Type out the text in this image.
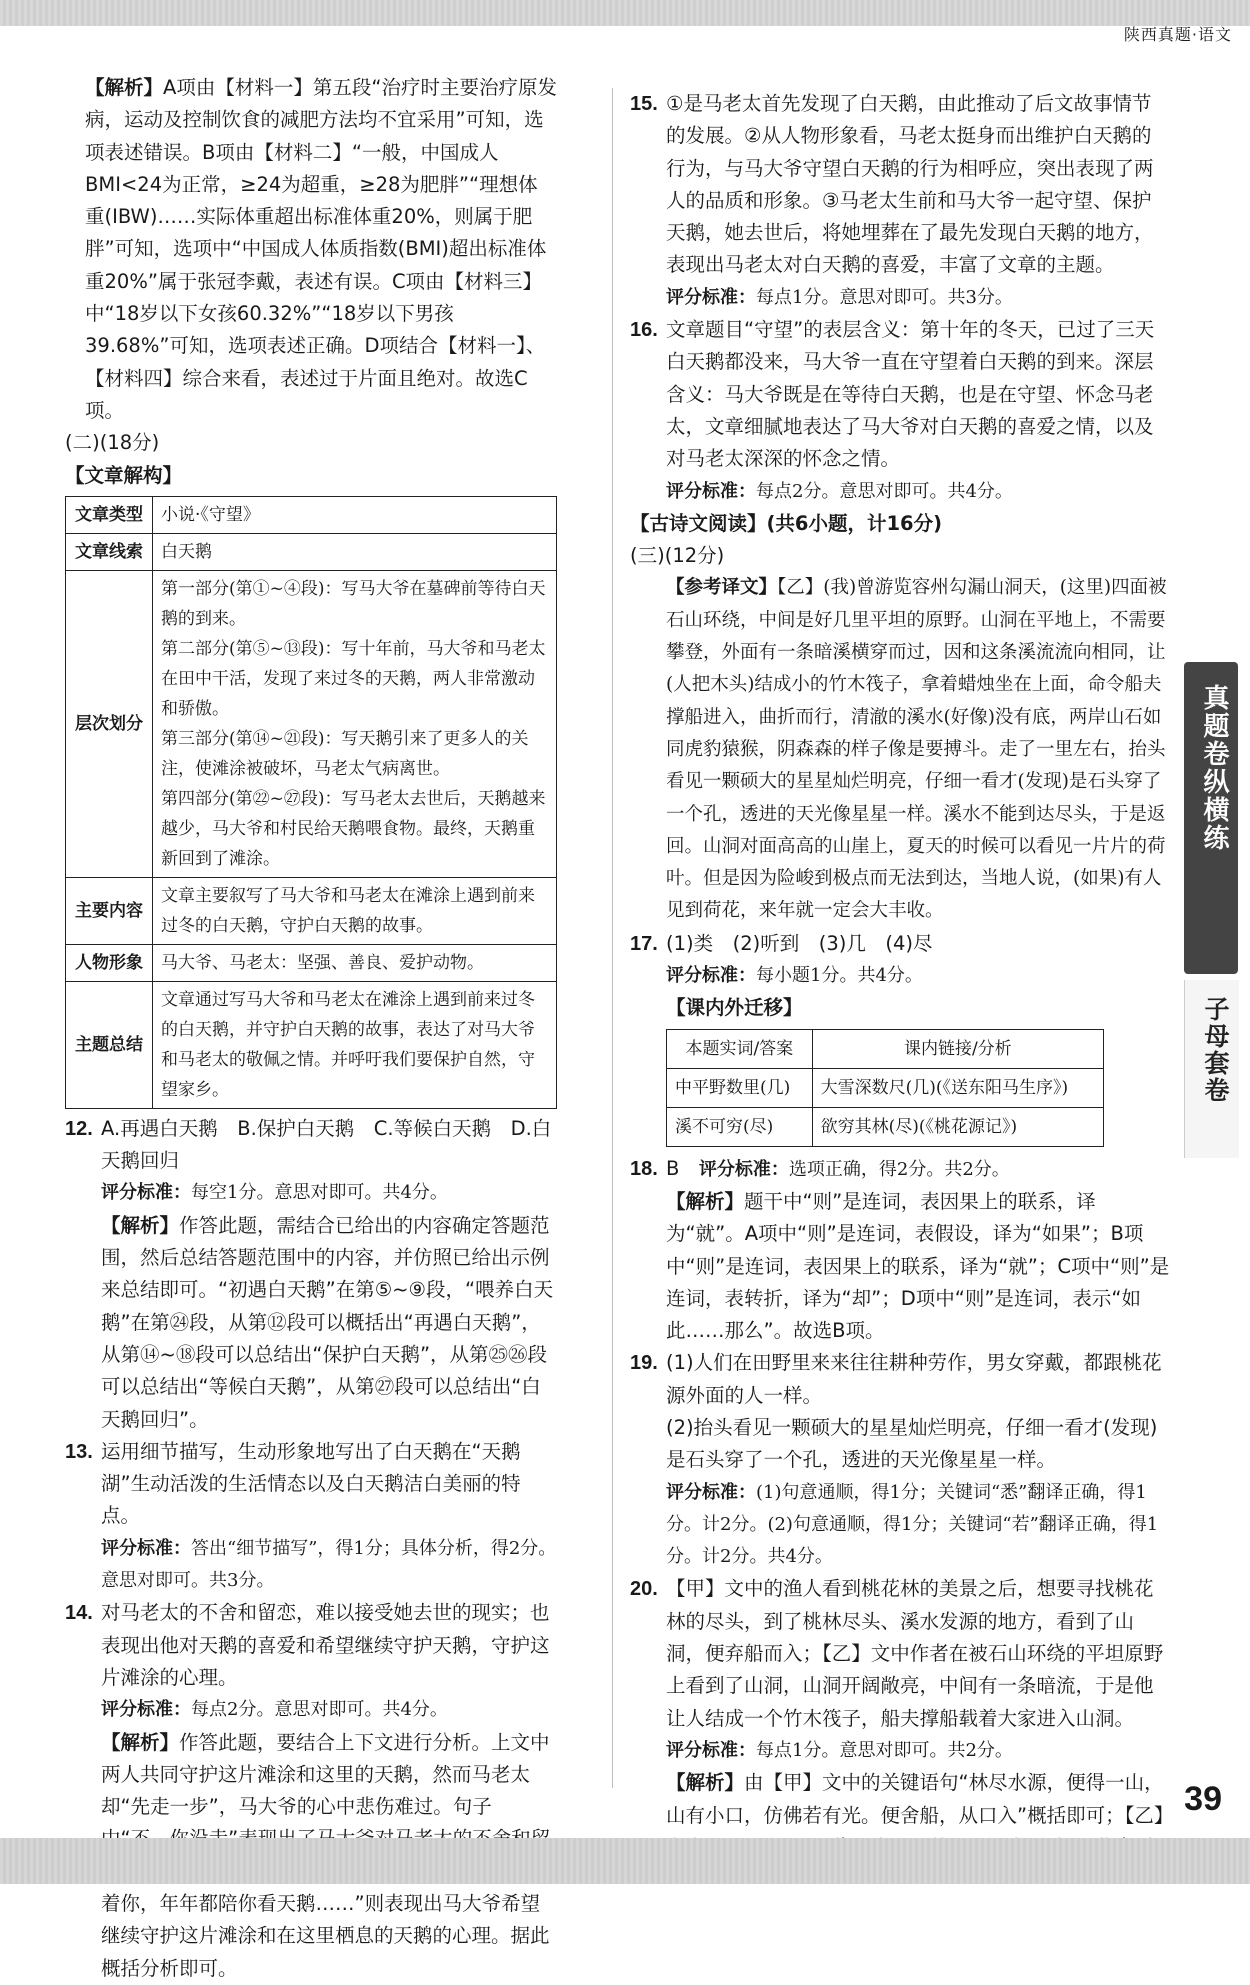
陕西真题·语文

【解析】A项由【材料一】第五段“治疗时主要治疗原发病，运动及控制饮食的减肥方法均不宜采用”可知，选项表述错误。B项由【材料二】“一般，中国成人BMI<24为正常，≥24为超重，≥28为肥胖”“理想体重(IBW)……实际体重超出标准体重20%，则属于肥胖”可知，选项中“中国成人体质指数(BMI)超出标准体重20%”属于张冠李戴，表述有误。C项由【材料三】中“18岁以下女孩60.32%”“18岁以下男孩39.68%”可知，选项表述正确。D项结合【材料一】、【材料四】综合来看，表述过于片面且绝对。故选C项。

(二)(18分)

【文章解构】

文章类型	小说·《守望》

文章线索	白天鹅

层次划分	第一部分(第①~④段)：写马大爷在墓碑前等待白天鹅的到来。

第二部分(第⑤~⑬段)：写十年前，马大爷和马老太在田中干活，发现了来过冬的天鹅，两人非常激动和骄傲。

第三部分(第⑭~㉑段)：写天鹅引来了更多人的关注，使滩涂被破坏，马老太气病离世。

第四部分(第㉒~㉗段)：写马老太去世后，天鹅越来越少，马大爷和村民给天鹅喂食物。最终，天鹅重新回到了滩涂。

主要内容	文章主要叙写了马大爷和马老太在滩涂上遇到前来过冬的白天鹅，守护白天鹅的故事。

人物形象	马大爷、马老太：坚强、善良、爱护动物。

主题总结	文章通过写马大爷和马老太在滩涂上遇到前来过冬的白天鹅，并守护白天鹅的故事，表达了对马大爷和马老太的敬佩之情。并呼吁我们要保护自然，守望家乡。

12. A.再遇白天鹅　B.保护白天鹅　C.等候白天鹅　D.白天鹅回归

评分标准：每空1分。意思对即可。共4分。

【解析】作答此题，需结合已给出的内容确定答题范围，然后总结答题范围中的内容，并仿照已给出示例来总结即可。“初遇白天鹅”在第⑤~⑨段，“喂养白天鹅”在第㉔段，从第⑫段可以概括出“再遇白天鹅”，从第⑭~⑱段可以总结出“保护白天鹅”，从第㉕㉖段可以总结出“等候白天鹅”，从第㉗段可以总结出“白天鹅回归”。

13. 运用细节描写，生动形象地写出了白天鹅在“天鹅湖”生动活泼的生活情态以及白天鹅洁白美丽的特点。

评分标准：答出“细节描写”，得1分；具体分析，得2分。意思对即可。共3分。

14. 对马老太的不舍和留恋，难以接受她去世的现实；也表现出他对天鹅的喜爱和希望继续守护天鹅，守护这片滩涂的心理。

评分标准：每点2分。意思对即可。共4分。

【解析】作答此题，要结合上下文进行分析。上文中两人共同守护这片滩涂和这里的天鹅，然而马老太却“先走一步”，马大爷的心中悲伤难过。句子 着你，年年都陪你看天鹅……”则表现出马大爷希望继续守护这片滩涂和在这里栖息的天鹅的心理。据此概括分析即可。

15. ①是马老太首先发现了白天鹅，由此推动了后文故事情节的发展。②从人物形象看，马老太挺身而出维护白天鹅的行为，与马大爷守望白天鹅的行为相呼应，突出表现了两人的品质和形象。③马老太生前和马大爷一起守望、保护天鹅，她去世后，将她埋葬在了最先发现白天鹅的地方，表现出马老太对白天鹅的喜爱，丰富了文章的主题。

评分标准：每点1分。意思对即可。共3分。

16. 文章题目“守望”的表层含义：第十年的冬天，已过了三天白天鹅都没来，马大爷一直在守望着白天鹅的到来。深层含义：马大爷既是在等待白天鹅，也是在守望、怀念马老太，文章细腻地表达了马大爷对白天鹅的喜爱之情，以及对马老太深深的怀念之情。

评分标准：每点2分。意思对即可。共4分。

【古诗文阅读】(共6小题，计16分)

(三)(12分)

【参考译文】【乙】(我)曾游览容州勾漏山洞天，(这里)四面被石山环绕，中间是好几里平坦的原野。山洞在平地上，不需要攀登，外面有一条暗溪横穿而过，因和这条溪流流向相同，让(人把木头)结成小的竹木筏子，拿着蜡烛坐在上面，命令船夫撑船进入，曲折而行，清澈的溪水(好像)没有底，两岸山石如同虎豹猿猴，阴森森的样子像是要搏斗。走了一里左右，抬头看见一颗硕大的星星灿烂明亮，仔细一看才(发现)是石头穿了一个孔，透进的天光像星星一样。溪水不能到达尽头，于是返回。山洞对面高高的山崖上，夏天的时候可以看见一片片的荷叶。但是因为险峻到极点而无法到达，当地人说，(如果)有人见到荷花，来年就一定会大丰收。

17. (1)类　(2)听到　(3)几　(4)尽

评分标准：每小题1分。共4分。

【课内外迁移】

本题实词/答案	课内链接/分析
中平野数里(几)	大雪深数尺(几)(《送东阳马生序》)
溪不可穷(尽)	欲穷其林(尽)(《桃花源记》)

18. B　 评分标准：选项正确，得2分。共2分。

【解析】题干中“则”是连词，表因果上的联系，译为“就”。A项中“则”是连词，表假设，译为“如果”；B项中“则”是连词，表因果上的联系，译为“就”；C项中“则”是连词，表转折，译为“却”；D项中“则”是连词，表示“如此……那么”。故选B项。

19. (1)人们在田野里来来往往耕种劳作，男女穿戴，都跟桃花源外面的人一样。

(2)抬头看见一颗硕大的星星灿烂明亮，仔细一看才(发现)是石头穿了一个孔，透进的天光像星星一样。

评分标准：(1)句意通顺，得1分；关键词“悉”翻译正确，得1分。计2分。(2)句意通顺，得1分；关键词“若”翻译正确，得1分。计2分。共4分。

20. 【甲】文中的渔人看到桃花林的美景之后，想要寻找桃花林的尽头，到了桃林尽头、溪水发源的地方，看到了山洞，便弃船而入；【乙】文中作者在被石山环绕的平坦原野上看到了山洞，山洞开阔敞亮，中间有一条暗流，于是他让人结成一个竹木筏子，船夫撑船载着大家进入山洞。

评分标准：每点1分。意思对即可。共2分。

【解析】由【甲】文中的关键语句“林尽水源，便得一山，山有小口，仿佛若有光。便舍船，从口入”概括即可；【乙】

真题卷纵横练
子母套卷
39
